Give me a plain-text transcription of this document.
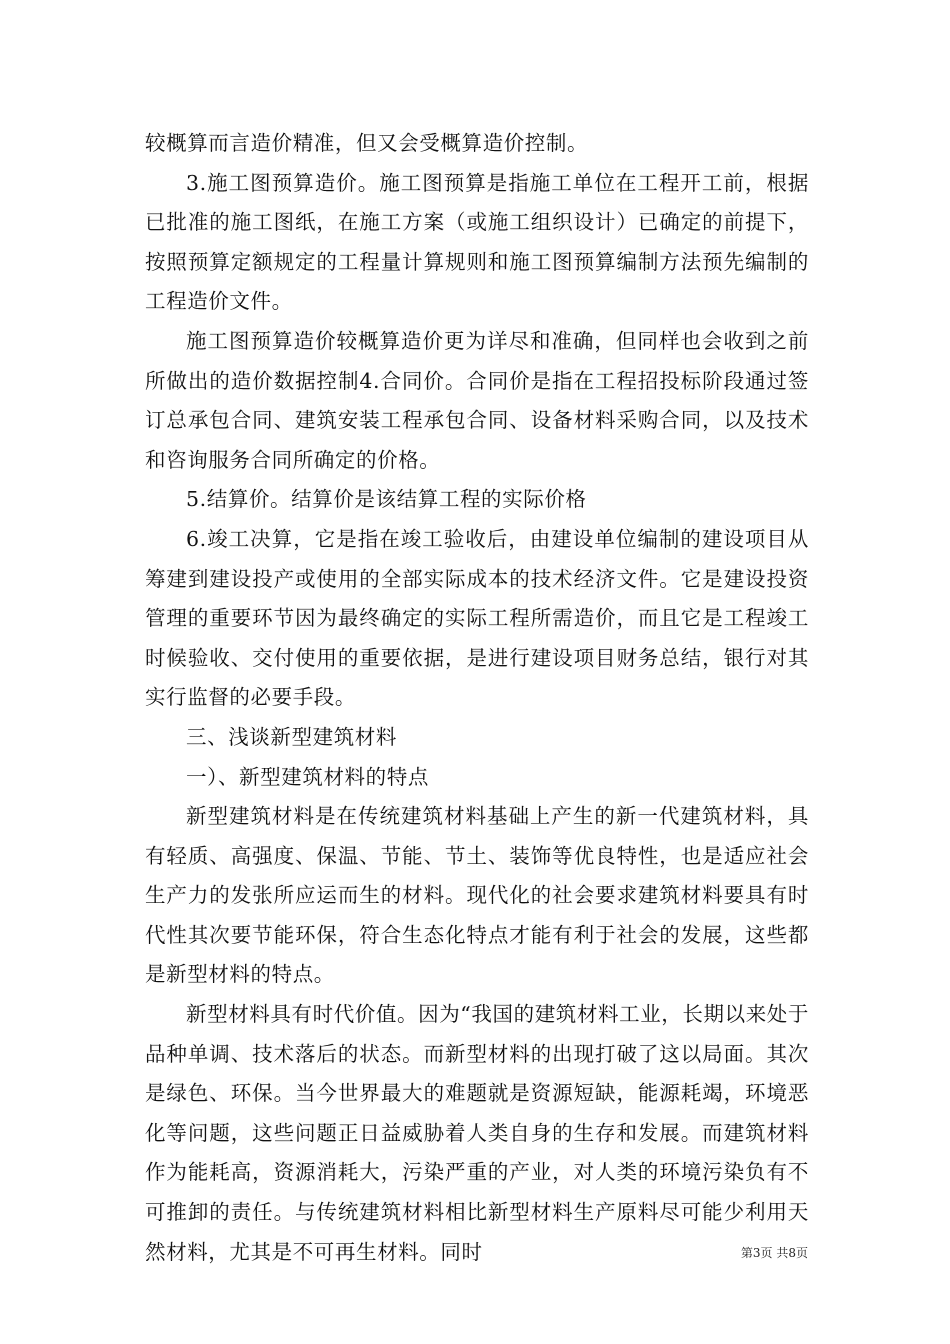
较概算而言造价精准，但又会受概算造价控制。

3.施工图预算造价。施工图预算是指施工单位在工程开工前，根据已批准的施工图纸，在施工方案（或施工组织设计）已确定的前提下，按照预算定额规定的工程量计算规则和施工图预算编制方法预先编制的工程造价文件。

施工图预算造价较概算造价更为详尽和准确，但同样也会收到之前所做出的造价数据控制4.合同价。合同价是指在工程招投标阶段通过签订总承包合同、建筑安装工程承包合同、设备材料采购合同，以及技术和咨询服务合同所确定的价格。

5.结算价。结算价是该结算工程的实际价格

6.竣工决算，它是指在竣工验收后，由建设单位编制的建设项目从筹建到建设投产或使用的全部实际成本的技术经济文件。它是建设投资管理的重要环节因为最终确定的实际工程所需造价，而且它是工程竣工时候验收、交付使用的重要依据，是进行建设项目财务总结，银行对其实行监督的必要手段。

三、浅谈新型建筑材料

一）、新型建筑材料的特点

新型建筑材料是在传统建筑材料基础上产生的新一代建筑材料，具有轻质、高强度、保温、节能、节土、装饰等优良特性，也是适应社会生产力的发张所应运而生的材料。现代化的社会要求建筑材料要具有时代性其次要节能环保，符合生态化特点才能有利于社会的发展，这些都是新型材料的特点。

新型材料具有时代价值。因为“我国的建筑材料工业，长期以来处于品种单调、技术落后的状态。而新型材料的出现打破了这以局面。其次是绿色、环保。当今世界最大的难题就是资源短缺，能源耗竭，环境恶化等问题，这些问题正日益威胁着人类自身的生存和发展。而建筑材料作为能耗高，资源消耗大，污染严重的产业，对人类的环境污染负有不可推卸的责任。与传统建筑材料相比新型材料生产原料尽可能少利用天然材料，尤其是不可再生材料。同时	第3页 共8页
